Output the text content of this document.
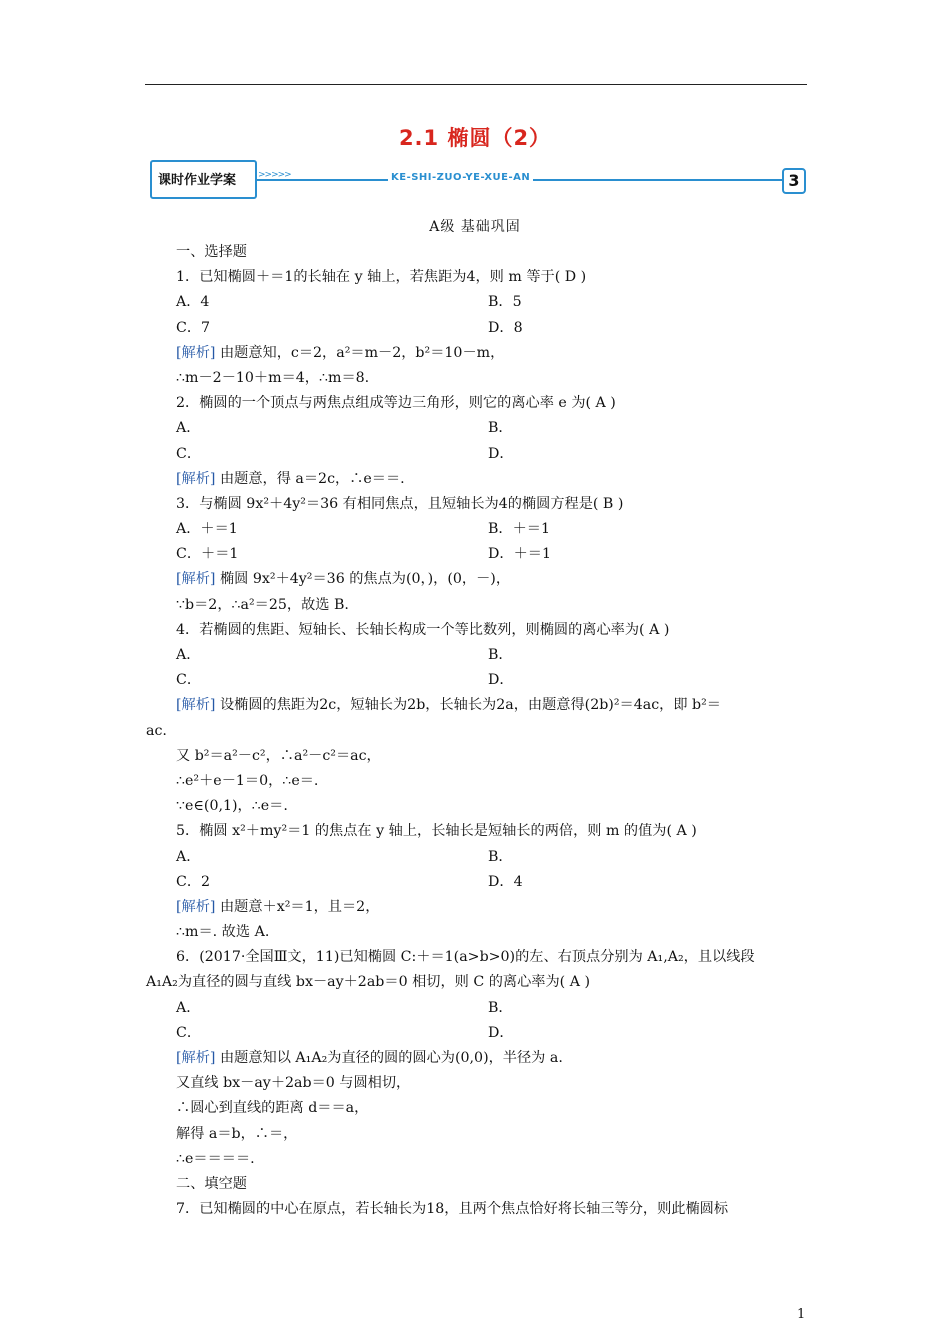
2.1 椭圆（2）
课时作业学案 >>>>>	KE-SHI-ZUO-YE-XUE-AN	3
A级 基础巩固
一、选择题
1．已知椭圆＋＝1的长轴在 y 轴上，若焦距为4，则 m 等于( D )
A．4	B．5
C．7	D．8
[解析] 由题意知，c＝2，a²＝m－2，b²＝10－m，
∴m－2－10＋m＝4，∴m＝8.
2．椭圆的一个顶点与两焦点组成等边三角形，则它的离心率 e 为( A )
A．	B．
C．	D．
[解析] 由题意，得 a＝2c，∴e＝＝.
3．与椭圆 9x²＋4y²＝36 有相同焦点，且短轴长为4的椭圆方程是( B )
A．＋＝1	B．＋＝1
C．＋＝1	D．＋＝1
[解析] 椭圆 9x²＋4y²＝36 的焦点为(0，)，(0，－)，
∵b＝2，∴a²＝25，故选 B.
4．若椭圆的焦距、短轴长、长轴长构成一个等比数列，则椭圆的离心率为( A )
A．	B．
C．	D．
[解析] 设椭圆的焦距为2c，短轴长为2b，长轴长为2a，由题意得(2b)²＝4ac，即 b²＝
ac.
又 b²＝a²－c²，∴a²－c²＝ac，
∴e²＋e－1＝0，∴e＝.
∵e∈(0,1)，∴e＝.
5．椭圆 x²＋my²＝1 的焦点在 y 轴上，长轴长是短轴长的两倍，则 m 的值为( A )
A．	B．
C．2	D．4
[解析] 由题意＋x²＝1，且＝2，
∴m＝. 故选 A.
6．(2017·全国Ⅲ文，11)已知椭圆 C:＋＝1(a>b>0)的左、右顶点分别为 A₁,A₂，且以线段
A₁A₂为直径的圆与直线 bx－ay＋2ab＝0 相切，则 C 的离心率为( A )
A．	B．
C．	D．
[解析] 由题意知以 A₁A₂为直径的圆的圆心为(0,0)，半径为 a.
又直线 bx－ay＋2ab＝0 与圆相切，
∴圆心到直线的距离 d＝＝a，
解得 a＝b，∴＝，
∴e＝＝＝＝.
二、填空题
7．已知椭圆的中心在原点，若长轴长为18，且两个焦点恰好将长轴三等分，则此椭圆标
1
